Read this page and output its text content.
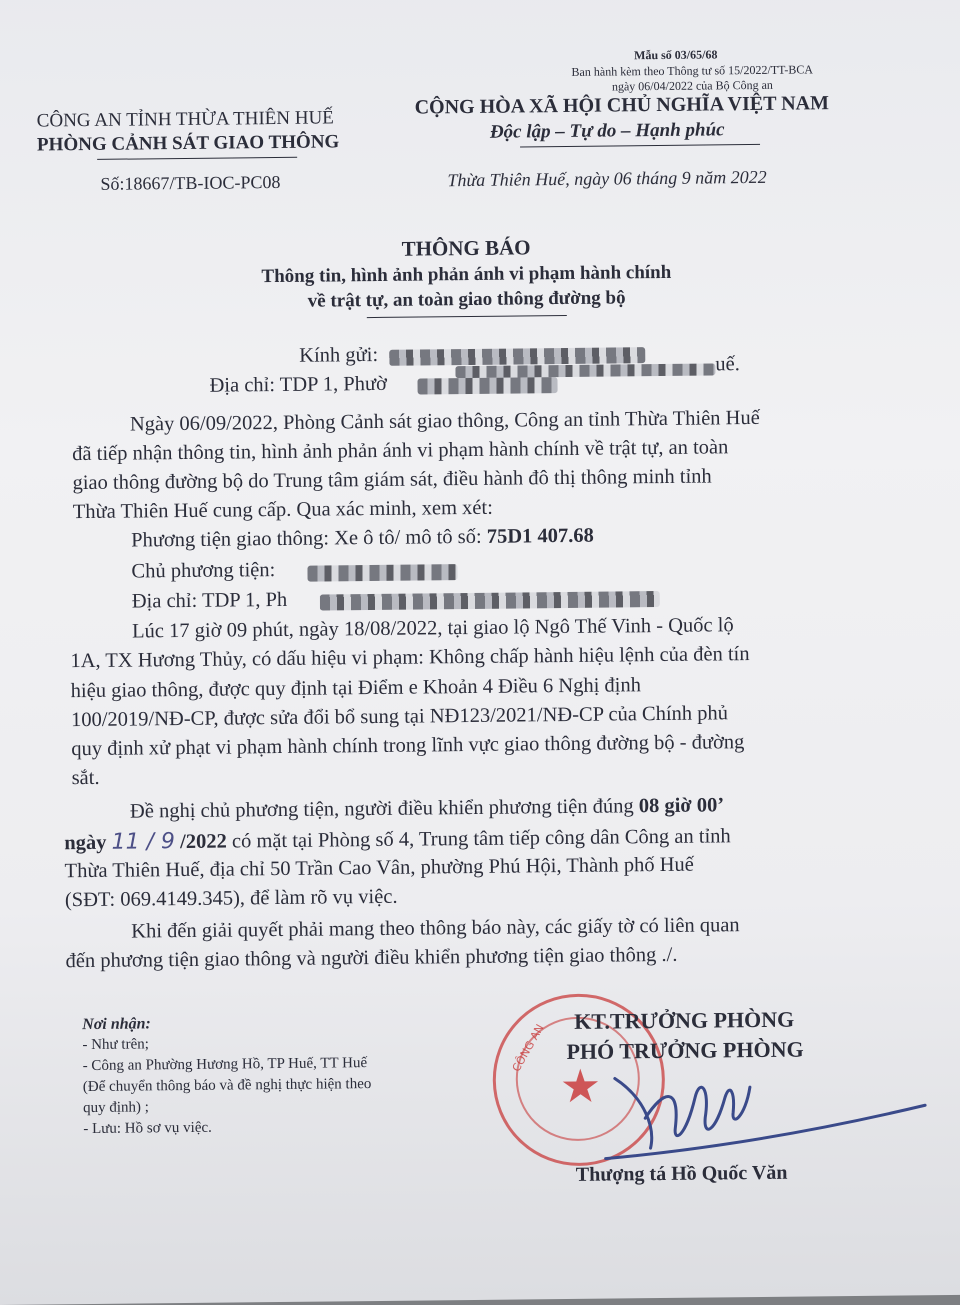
Mẫu số 03/65/68
Ban hành kèm theo Thông tư số 15/2022/TT-BCA
ngày 06/04/2022 của Bộ Công an
CÔNG AN TỈNH THỪA THIÊN HUẾ
PHÒNG CẢNH SÁT GIAO THÔNG
CỘNG HÒA XÃ HỘI CHỦ NGHĨA VIỆT NAM
Độc lập – Tự do – Hạnh phúc
Số:18667/TB-IOC-PC08	Thừa Thiên Huế, ngày 06 tháng 9 năm 2022
THÔNG BÁO
Thông tin, hình ảnh phản ánh vi phạm hành chính
về trật tự, an toàn giao thông đường bộ
Kính gửi:	uế.
Địa chỉ: TDP 1, Phườ
Ngày 06/09/2022, Phòng Cảnh sát giao thông, Công an tỉnh Thừa Thiên Huế
đã tiếp nhận thông tin, hình ảnh phản ánh vi phạm hành chính về trật tự, an toàn
giao thông đường bộ do Trung tâm giám sát, điều hành đô thị thông minh tỉnh
Thừa Thiên Huế cung cấp. Qua xác minh, xem xét:
Phương tiện giao thông: Xe ô tô/ mô tô số: 75D1 407.68
Chủ phương tiện:
Địa chỉ: TDP 1, Ph
Lúc 17 giờ 09 phút, ngày 18/08/2022, tại giao lộ Ngô Thế Vinh - Quốc lộ
1A, TX Hương Thủy, có dấu hiệu vi phạm: Không chấp hành hiệu lệnh của đèn tín
hiệu giao thông, được quy định tại Điểm e Khoản 4 Điều 6 Nghị định
100/2019/NĐ-CP, được sửa đổi bổ sung tại NĐ123/2021/NĐ-CP của Chính phủ
quy định xử phạt vi phạm hành chính trong lĩnh vực giao thông đường bộ - đường
sắt.
Đề nghị chủ phương tiện, người điều khiển phương tiện đúng 08 giờ 00’
ngày 11 / 9 /2022 có mặt tại Phòng số 4, Trung tâm tiếp công dân Công an tỉnh
Thừa Thiên Huế, địa chỉ 50 Trần Cao Vân, phường Phú Hội, Thành phố Huế
(SĐT: 069.4149.345), để làm rõ vụ việc.
Khi đến giải quyết phải mang theo thông báo này, các giấy tờ có liên quan
đến phương tiện giao thông và người điều khiển phương tiện giao thông ./.
Nơi nhận:
- Như trên;
- Công an Phường Hương Hồ, TP Huế, TT Huế
(Để chuyển thông báo và đề nghị thực hiện theo
quy định) ;
- Lưu: Hồ sơ vụ việc.
★
CÔNG AN
KT.TRƯỞNG PHÒNG
PHÓ TRƯỞNG PHÒNG
Thượng tá Hồ Quốc Văn
